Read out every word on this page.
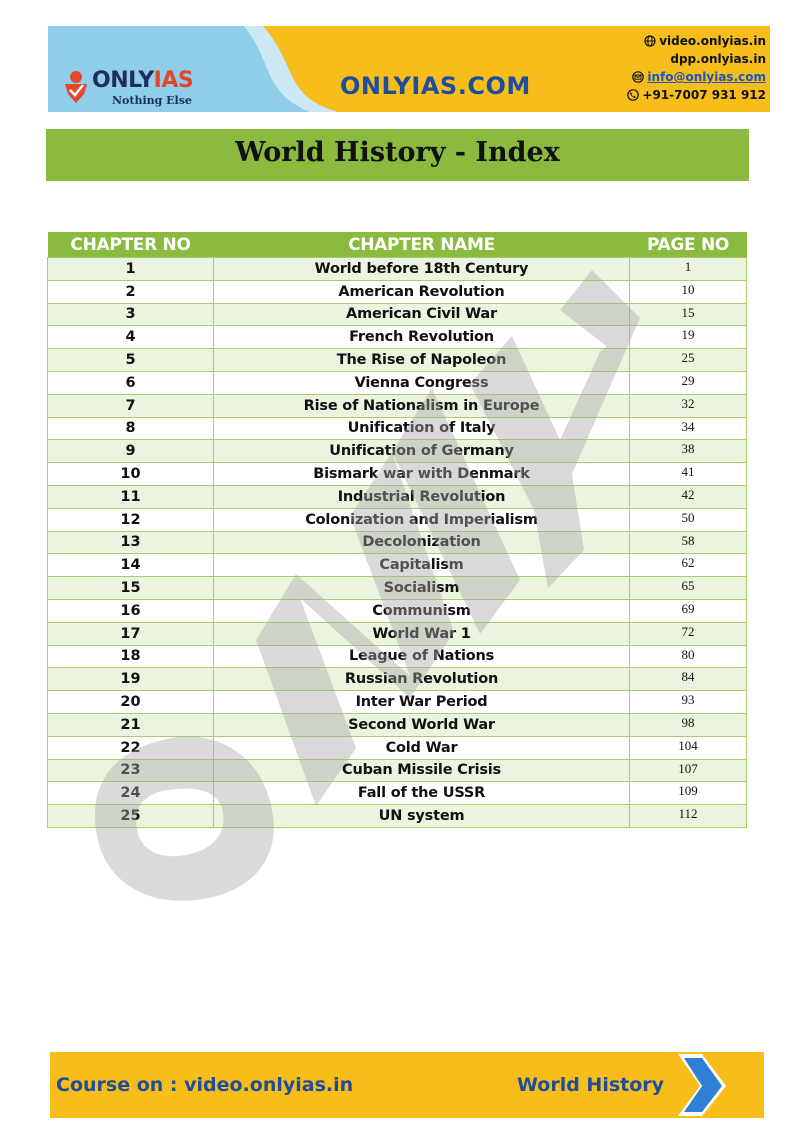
ONLYIAS
Nothing Else
ONLYIAS.COM
video.onlyias.in
dpp.onlyias.in
info@onlyias.com
+91-7007 931 912
World History - Index
CHAPTER NO	CHAPTER NAME	PAGE NO
1	World before 18th Century	1
2	American Revolution	10
3	American Civil War	15
4	French Revolution	19
5	The Rise of Napoleon	25
6	Vienna Congress	29
7	Rise of Nationalism in Europe	32
8	Unification of Italy	34
9	Unification of Germany	38
10	Bismark war with Denmark	41
11	Industrial Revolution	42
12	Colonization and Imperialism	50
13	Decolonization	58
14	Capitalism	62
15	Socialism	65
16	Communism	69
17	World War 1	72
18	League of Nations	80
19	Russian Revolution	84
20	Inter War Period	93
21	Second World War	98
22	Cold War	104
23	Cuban Missile Crisis	107
24	Fall of the USSR	109
25	UN system	112
Course on : video.onlyias.in	World History
